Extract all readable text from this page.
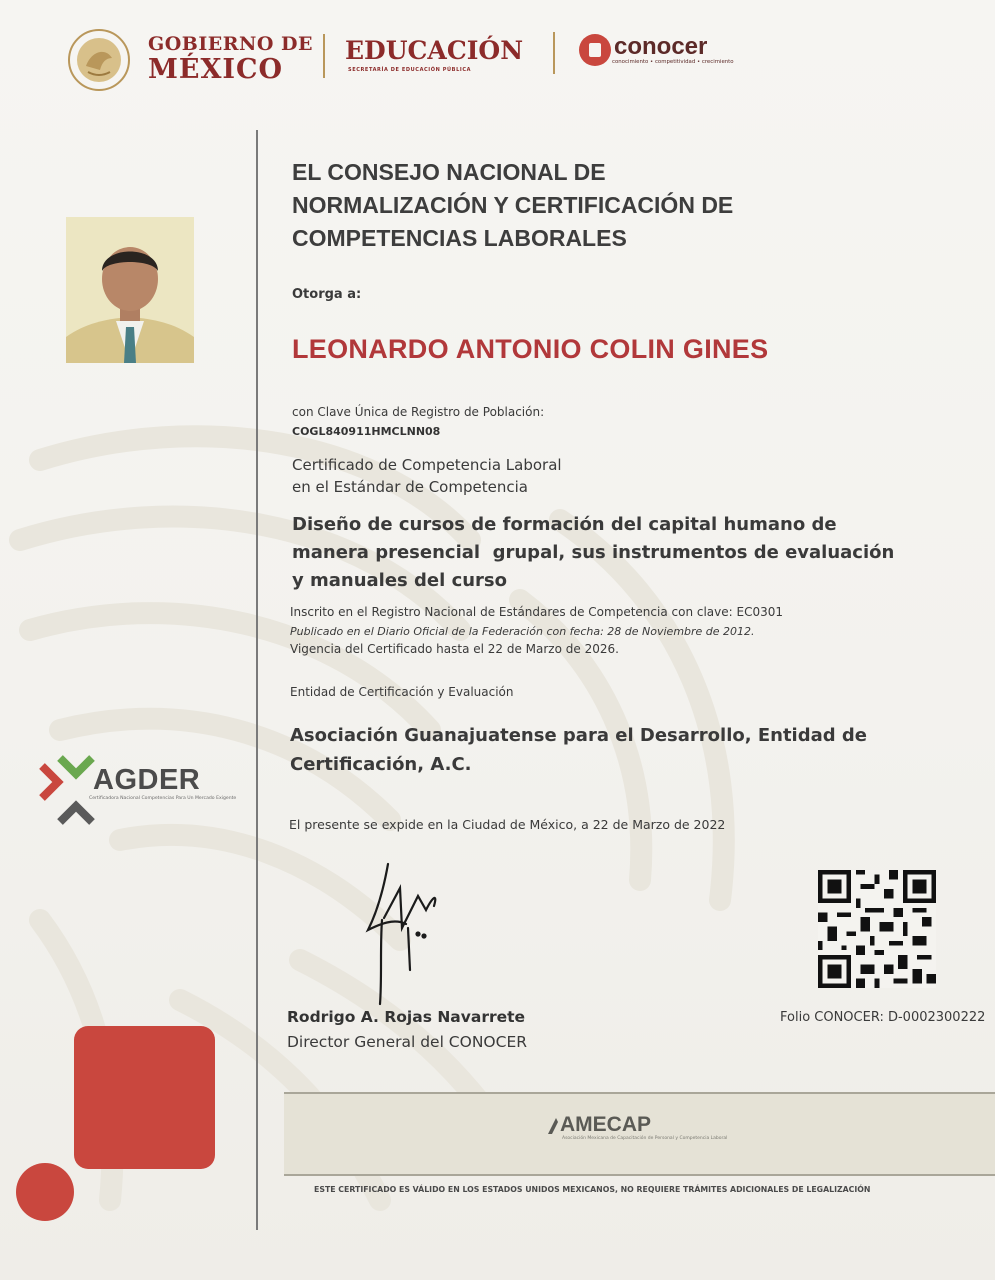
GOBIERNO DE
MÉXICO
EDUCACIÓN
SECRETARÍA DE EDUCACIÓN PÚBLICA
conocer
conocimiento • competitividad • crecimiento
EL CONSEJO NACIONAL DE
NORMALIZACIÓN Y CERTIFICACIÓN DE
COMPETENCIAS LABORALES
Otorga a:
LEONARDO ANTONIO COLIN GINES
con Clave Única de Registro de Población:
COGL840911HMCLNN08
Certificado de Competencia Laboral
en el Estándar de Competencia
Diseño de cursos de formación del capital humano de
manera presencial  grupal, sus instrumentos de evaluación
y manuales del curso
Inscrito en el Registro Nacional de Estándares de Competencia con clave: EC0301
Publicado en el Diario Oficial de la Federación con fecha: 28 de Noviembre de 2012.
Vigencia del Certificado hasta el 22 de Marzo de 2026.
Entidad de Certificación y Evaluación
Asociación Guanajuatense para el Desarrollo, Entidad de
Certificación, A.C.
El presente se expide en la Ciudad de México, a 22 de Marzo de 2022
AGDER
Certificadora Nacional Competencias Para Un Mercado Exigente
Rodrigo A. Rojas Navarrete
Director General del CONOCER
Folio CONOCER: D-0002300222
AMECAP
Asociación Mexicana de Capacitación de Personal y Competencia Laboral
ESTE CERTIFICADO ES VÁLIDO EN LOS ESTADOS UNIDOS MEXICANOS, NO REQUIERE TRÁMITES ADICIONALES DE LEGALIZACIÓN
